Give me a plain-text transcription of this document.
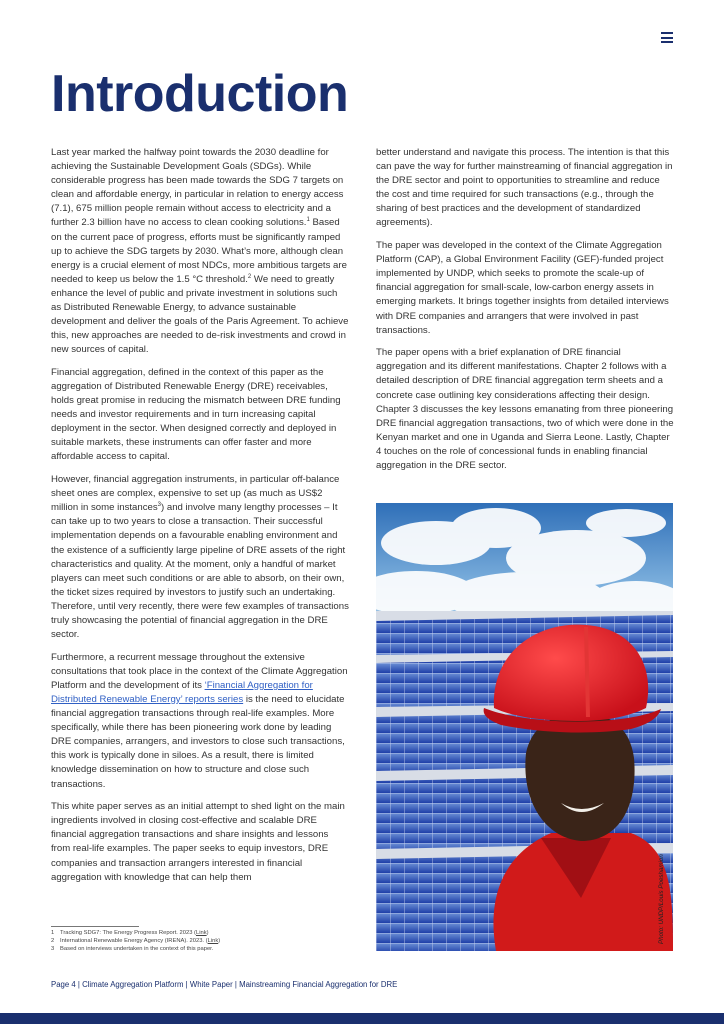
Introduction

Last year marked the halfway point towards the 2030 deadline for achieving the Sustainable Development Goals (SDGs). While considerable progress has been made towards the SDG 7 targets on clean and affordable energy, in particular in relation to energy access (7.1), 675 million people remain without access to electricity and a further 2.3 billion have no access to clean cooking solutions.$^1$ Based on the current pace of progress, efforts must be significantly ramped up to achieve the SDG targets by 2030. What’s more, although clean energy is a crucial element of most NDCs, more ambitious targets are needed to keep us below the 1.5 °C threshold.$^2$ We need to greatly enhance the level of public and private investment in solutions such as Distributed Renewable Energy, to advance sustainable development and deliver the goals of the Paris Agreement. To achieve this, new approaches are needed to de-risk investments and crowd in new sources of capital.

Financial aggregation, defined in the context of this paper as the aggregation of Distributed Renewable Energy (DRE) receivables, holds great promise in reducing the mismatch between DRE funding needs and investor requirements and in turn increasing capital deployment in the sector. When designed correctly and deployed in suitable markets, these instruments can offer faster and more affordable access to capital.

However, financial aggregation instruments, in particular off-balance sheet ones are complex, expensive to set up (as much as US$2 million in some instances$^3$) and involve many lengthy processes – It can take up to two years to close a transaction. Their successful implementation depends on a favourable enabling environment and the existence of a sufficiently large pipeline of DRE assets of the right characteristics and quality. At the moment, only a handful of market players can meet such conditions or are able to absorb, on their own, the ticket sizes required by investors to justify such an undertaking. Therefore, until very recently, there were few examples of transactions truly showcasing the potential of financial aggregation in the DRE sector.

Furthermore, a recurrent message throughout the extensive consultations that took place in the context of the Climate Aggregation Platform and the development of its ‘Financial Aggregation for Distributed Renewable Energy’ reports series is the need to elucidate financial aggregation transactions through real-life examples. More specifically, while there has been pioneering work done by leading DRE companies, arrangers, and investors to close such transactions, this work is typically done in siloes. As a result, there is limited knowledge dissemination on how to structure and close such transactions.

This white paper serves as an initial attempt to shed light on the main ingredients involved in closing cost-effective and scalable DRE financial aggregation transactions and share insights and lessons from real-life examples. The paper seeks to equip investors, DRE companies and transaction arrangers interested in financial aggregation with knowledge that can help them

better understand and navigate this process. The intention is that this can pave the way for further mainstreaming of financial aggregation in the DRE sector and point to opportunities to streamline and reduce the cost and time required for such transactions (e.g., through the sharing of best practices and the development of standardized agreements).

The paper was developed in the context of the Climate Aggregation Platform (CAP), a Global Environment Facility (GEF)-funded project implemented by UNDP, which seeks to promote the scale-up of financial aggregation for small-scale, low-carbon energy assets in emerging markets. It brings together insights from detailed interviews with DRE companies and arrangers that were involved in past transactions.

The paper opens with a brief explanation of DRE financial aggregation and its different manifestations. Chapter 2 follows with a detailed description of DRE financial aggregation term sheets and a concrete case outlining key considerations affecting their design. Chapter 3 discusses the key lessons emanating from three pioneering DRE financial aggregation transactions, two of which were done in the Kenyan market and one in Uganda and Sierra Leone. Lastly, Chapter 4 touches on the role of concessional funds in enabling financial aggregation in the DRE sector.

Photo: UNDP/Louis Poeshamion
1 Tracking SDG7: The Energy Progress Report. 2023 (Link)
2 International Renewable Energy Agency (IRENA). 2023. (Link)
3 Based on interviews undertaken in the context of this paper.
Page 4 | Climate Aggregation Platform | White Paper | Mainstreaming Financial Aggregation for DRE
